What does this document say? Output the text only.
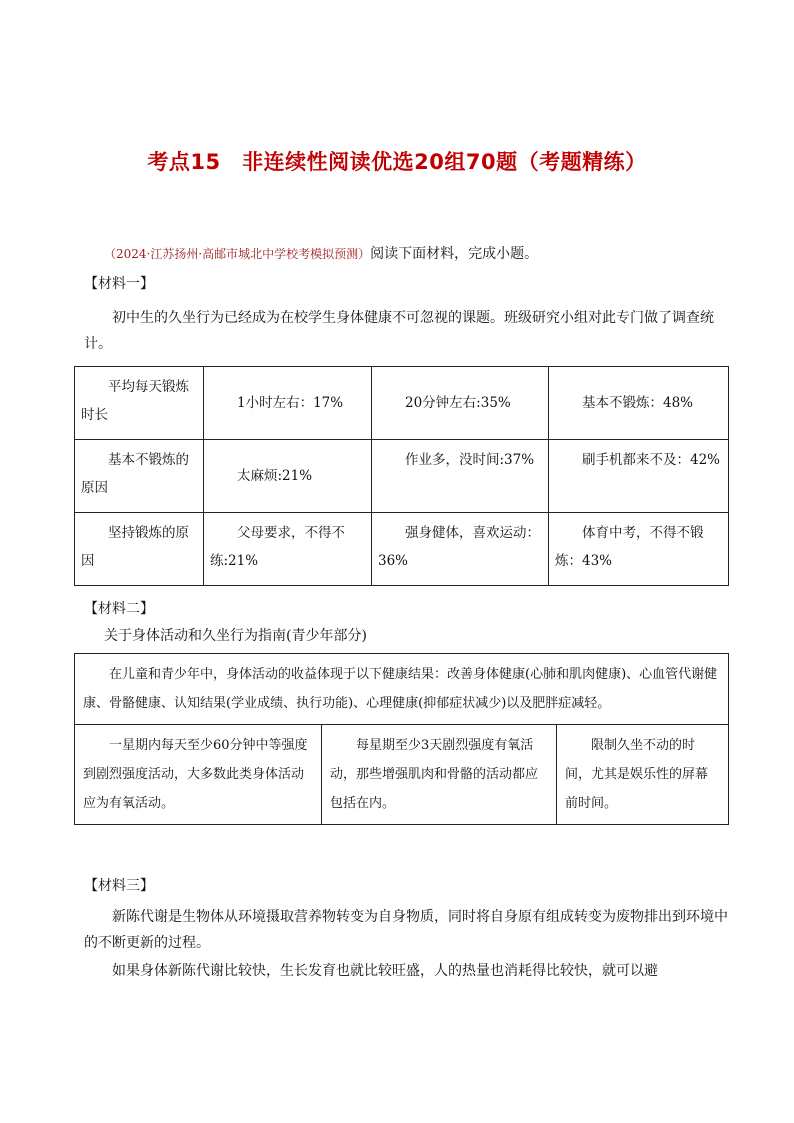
考点15　非连续性阅读优选20组70题（考题精练）
（2024·江苏扬州·高邮市城北中学校考模拟预测）阅读下面材料，完成小题。
【材料一】
初中生的久坐行为已经成为在校学生身体健康不可忽视的课题。班级研究小组对此专门做了调查统计。
平均每天锻炼时长	1小时左右：17%	20分钟左右:35%	基本不锻炼：48%
基本不锻炼的原因	太麻烦:21%	作业多，没时间:37%	刷手机都来不及：42%
坚持锻炼的原因	父母要求，不得不练:21%	强身健体，喜欢运动：36%	体育中考，不得不锻炼：43%
【材料二】
关于身体活动和久坐行为指南(青少年部分)
在儿童和青少年中，身体活动的收益体现于以下健康结果：改善身体健康(心肺和肌肉健康)、心血管代谢健康、骨骼健康、认知结果(学业成绩、执行功能)、心理健康(抑郁症状减少)以及肥胖症减轻。
一星期内每天至少60分钟中等强度到剧烈强度活动，大多数此类身体活动应为有氧活动。	每星期至少3天剧烈强度有氧活动，那些增强肌肉和骨骼的活动都应包括在内。	限制久坐不动的时间，尤其是娱乐性的屏幕前时间。
【材料三】
新陈代谢是生物体从环境摄取营养物转变为自身物质，同时将自身原有组成转变为废物排出到环境中的不断更新的过程。
如果身体新陈代谢比较快，生长发育也就比较旺盛，人的热量也消耗得比较快，就可以避
